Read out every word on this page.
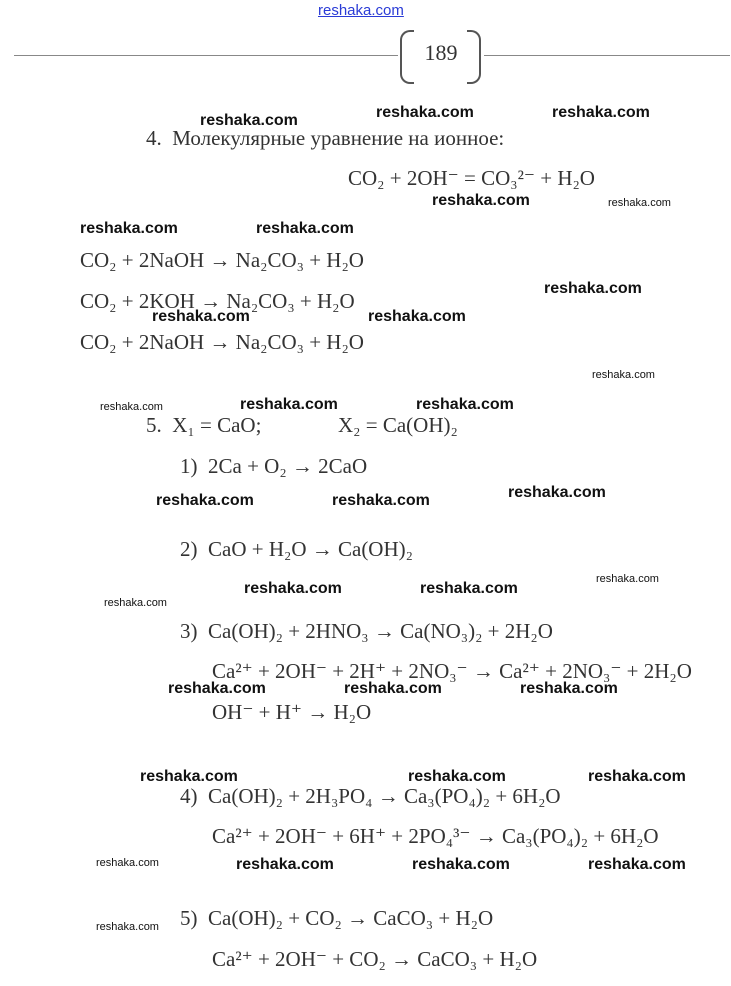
reshaka.com
189
4. Молекулярные уравнение на ионное:
CO₂ + 2OH⁻ = CO₃²⁻ + H₂O
CO₂ + 2NaOH → Na₂CO₃ + H₂O
CO₂ + 2KOH → Na₂CO₃ + H₂O
CO₂ + 2NaOH → Na₂CO₃ + H₂O
5. X₁ = CaO;	X₂ = Ca(OH)₂
1) 2Ca + O₂ → 2CaO
2) CaO + H₂O → Ca(OH)₂
3) Ca(OH)₂ + 2HNO₃ → Ca(NO₃)₂ + 2H₂O
Ca²⁺ + 2OH⁻ + 2H⁺ + 2NO₃⁻ → Ca²⁺ + 2NO₃⁻ + 2H₂O
OH⁻ + H⁺ → H₂O
4) Ca(OH)₂ + 2H₃PO₄ → Ca₃(PO₄)₂ + 6H₂O
Ca²⁺ + 2OH⁻ + 6H⁺ + 2PO₄³⁻ → Ca₃(PO₄)₂ + 6H₂O
5) Ca(OH)₂ + CO₂ → CaCO₃ + H₂O
Ca²⁺ + 2OH⁻ + CO₂ → CaCO₃ + H₂O
reshaka.com	reshaka.com	reshaka.com
reshaka.com	reshaka.com
reshaka.com	reshaka.com
reshaka.com
reshaka.com	reshaka.com
reshaka.com
reshaka.com	reshaka.com	reshaka.com
reshaka.com	reshaka.com	reshaka.com
reshaka.com	reshaka.com
reshaka.com
reshaka.com
reshaka.com	reshaka.com	reshaka.com
reshaka.com	reshaka.com	reshaka.com
reshaka.com	reshaka.com	reshaka.com	reshaka.com
reshaka.com
